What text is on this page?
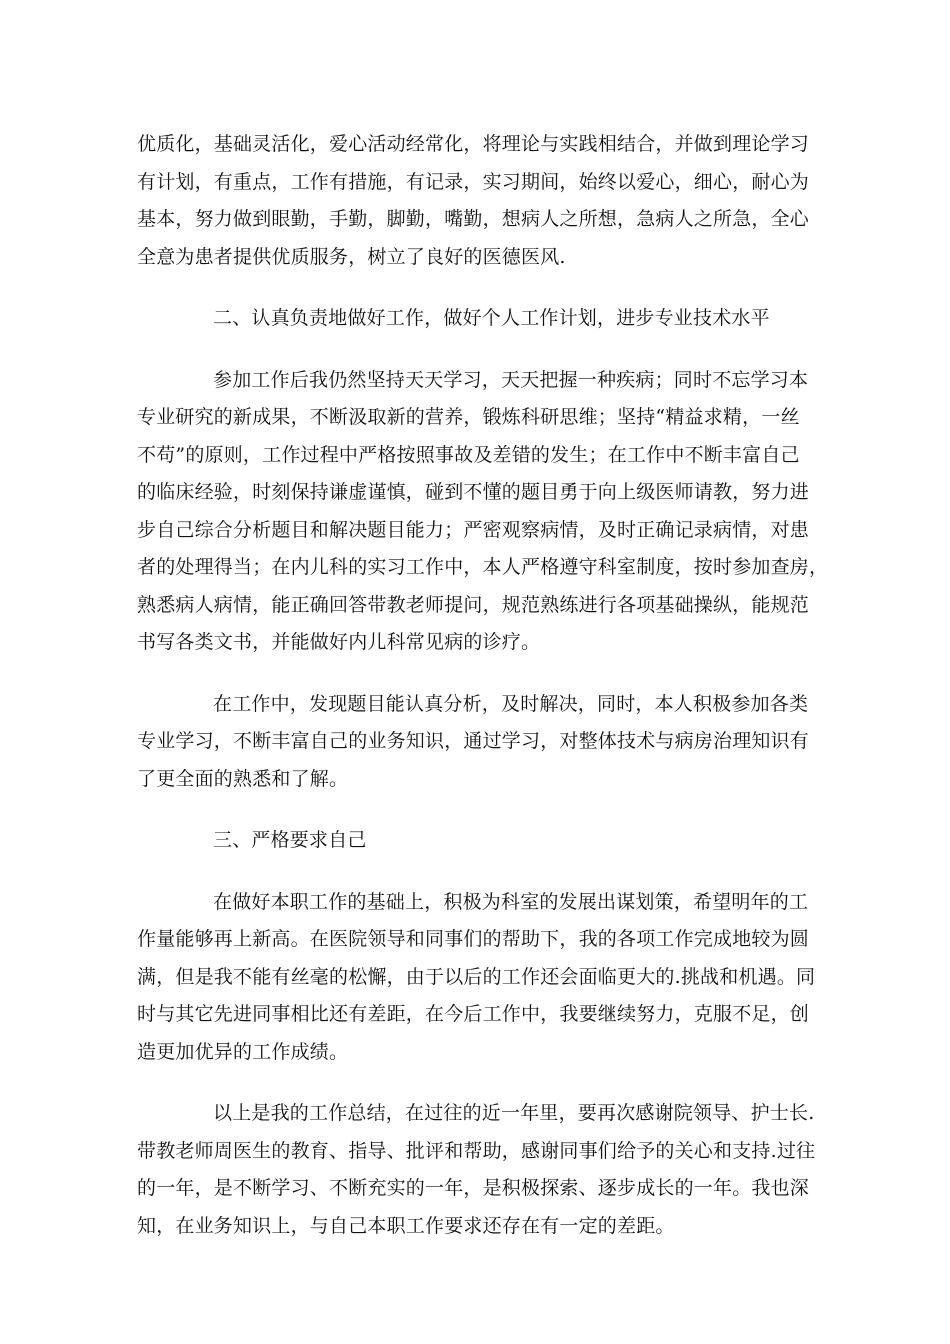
优质化，基础灵活化，爱心活动经常化，将理论与实践相结合，并做到理论学习
有计划，有重点，工作有措施，有记录，实习期间，始终以爱心，细心，耐心为
基本，努力做到眼勤，手勤，脚勤，嘴勤，想病人之所想，急病人之所急，全心
全意为患者提供优质服务，树立了良好的医德医风.
二、认真负责地做好工作，做好个人工作计划，进步专业技术水平
参加工作后我仍然坚持天天学习，天天把握一种疾病；同时不忘学习本
专业研究的新成果，不断汲取新的营养，锻炼科研思维；坚持“精益求精，一丝
不苟”的原则，工作过程中严格按照事故及差错的发生；在工作中不断丰富自己
的临床经验，时刻保持谦虚谨慎，碰到不懂的题目勇于向上级医师请教，努力进
步自己综合分析题目和解决题目能力；严密观察病情，及时正确记录病情，对患
者的处理得当；在内儿科的实习工作中，本人严格遵守科室制度，按时参加查房，
熟悉病人病情，能正确回答带教老师提问，规范熟练进行各项基础操纵，能规范
书写各类文书，并能做好内儿科常见病的诊疗。
在工作中，发现题目能认真分析，及时解决，同时，本人积极参加各类
专业学习，不断丰富自己的业务知识，通过学习，对整体技术与病房治理知识有
了更全面的熟悉和了解。
三、严格要求自己
在做好本职工作的基础上，积极为科室的发展出谋划策，希望明年的工
作量能够再上新高。在医院领导和同事们的帮助下，我的各项工作完成地较为圆
满，但是我不能有丝毫的松懈，由于以后的工作还会面临更大的.挑战和机遇。同
时与其它先进同事相比还有差距，在今后工作中，我要继续努力，克服不足，创
造更加优异的工作成绩。
以上是我的工作总结，在过往的近一年里，要再次感谢院领导、护士长.
带教老师周医生的教育、指导、批评和帮助，感谢同事们给予的关心和支持.过往
的一年，是不断学习、不断充实的一年，是积极探索、逐步成长的一年。我也深
知，在业务知识上，与自己本职工作要求还存在有一定的差距。
